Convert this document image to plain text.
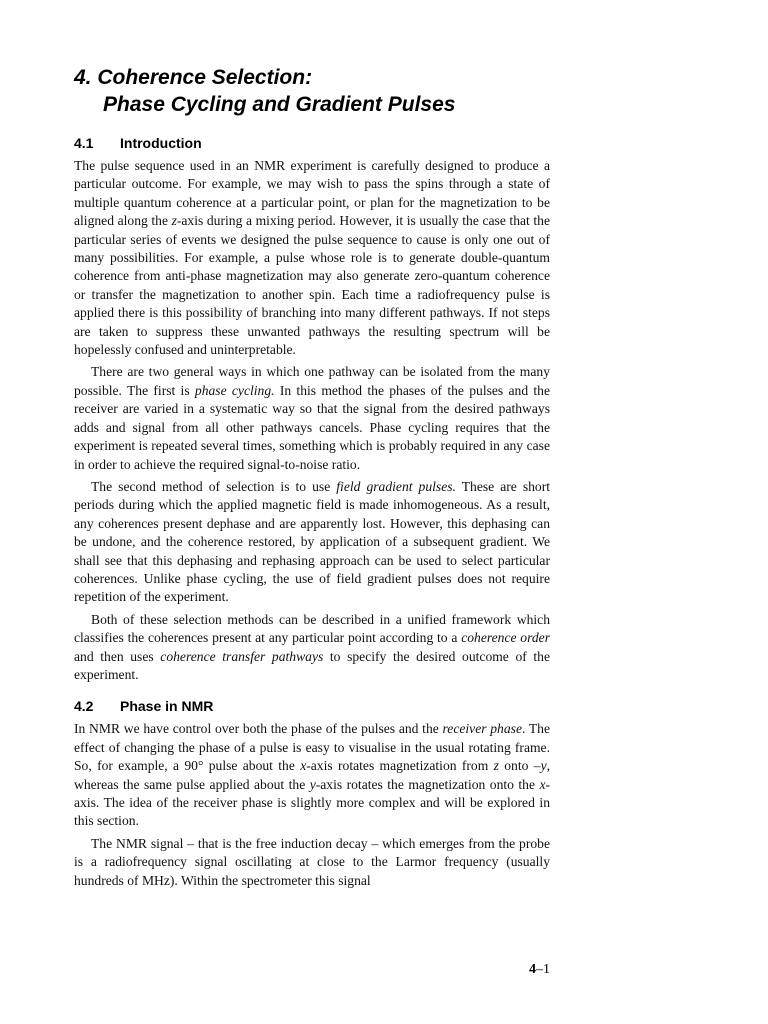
4. Coherence Selection:
Phase Cycling and Gradient Pulses
4.1 Introduction

The pulse sequence used in an NMR experiment is carefully designed to produce a particular outcome. For example, we may wish to pass the spins through a state of multiple quantum coherence at a particular point, or plan for the magnetization to be aligned along the z-axis during a mixing period. However, it is usually the case that the particular series of events we designed the pulse sequence to cause is only one out of many possibilities. For example, a pulse whose role is to generate double-quantum coherence from anti-phase magnetization may also generate zero-quantum coherence or transfer the magnetization to another spin. Each time a radiofrequency pulse is applied there is this possibility of branching into many different pathways. If not steps are taken to suppress these unwanted pathways the resulting spectrum will be hopelessly confused and uninterpretable.

There are two general ways in which one pathway can be isolated from the many possible. The first is phase cycling. In this method the phases of the pulses and the receiver are varied in a systematic way so that the signal from the desired pathways adds and signal from all other pathways cancels. Phase cycling requires that the experiment is repeated several times, something which is probably required in any case in order to achieve the required signal-to-noise ratio.

The second method of selection is to use field gradient pulses. These are short periods during which the applied magnetic field is made inhomogeneous. As a result, any coherences present dephase and are apparently lost. However, this dephasing can be undone, and the coherence restored, by application of a subsequent gradient. We shall see that this dephasing and rephasing approach can be used to select particular coherences. Unlike phase cycling, the use of field gradient pulses does not require repetition of the experiment.

Both of these selection methods can be described in a unified framework which classifies the coherences present at any particular point according to a coherence order and then uses coherence transfer pathways to specify the desired outcome of the experiment.

4.2 Phase in NMR

In NMR we have control over both the phase of the pulses and the receiver phase. The effect of changing the phase of a pulse is easy to visualise in the usual rotating frame. So, for example, a 90° pulse about the x-axis rotates magnetization from z onto –y, whereas the same pulse applied about the y-axis rotates the magnetization onto the x-axis. The idea of the receiver phase is slightly more complex and will be explored in this section.

The NMR signal – that is the free induction decay – which emerges from the probe is a radiofrequency signal oscillating at close to the Larmor frequency (usually hundreds of MHz). Within the spectrometer this signal

4–1
